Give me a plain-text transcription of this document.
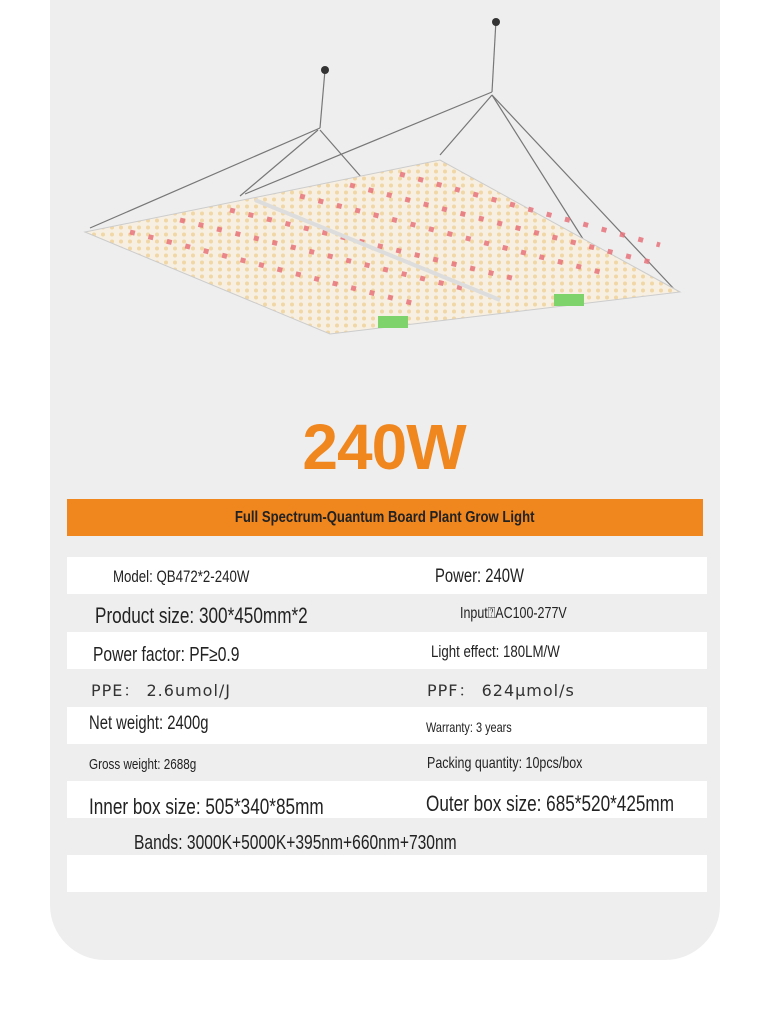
240W
Full Spectrum-Quantum Board Plant Grow Light
Model: QB472*2-240W	Power: 240W
Product size: 300*450mm*2	Input⍰AC100-277V
Power factor: PF≥0.9	Light effect: 180LM/W
PPE： 2.6umol/J	PPF： 624μmol/s
Net weight: 2400g	Warranty: 3 years
Gross weight: 2688g	Packing quantity: 10pcs/box
Inner box size: 505*340*85mm	Outer box size: 685*520*425mm
Bands: 3000K+5000K+395nm+660nm+730nm
